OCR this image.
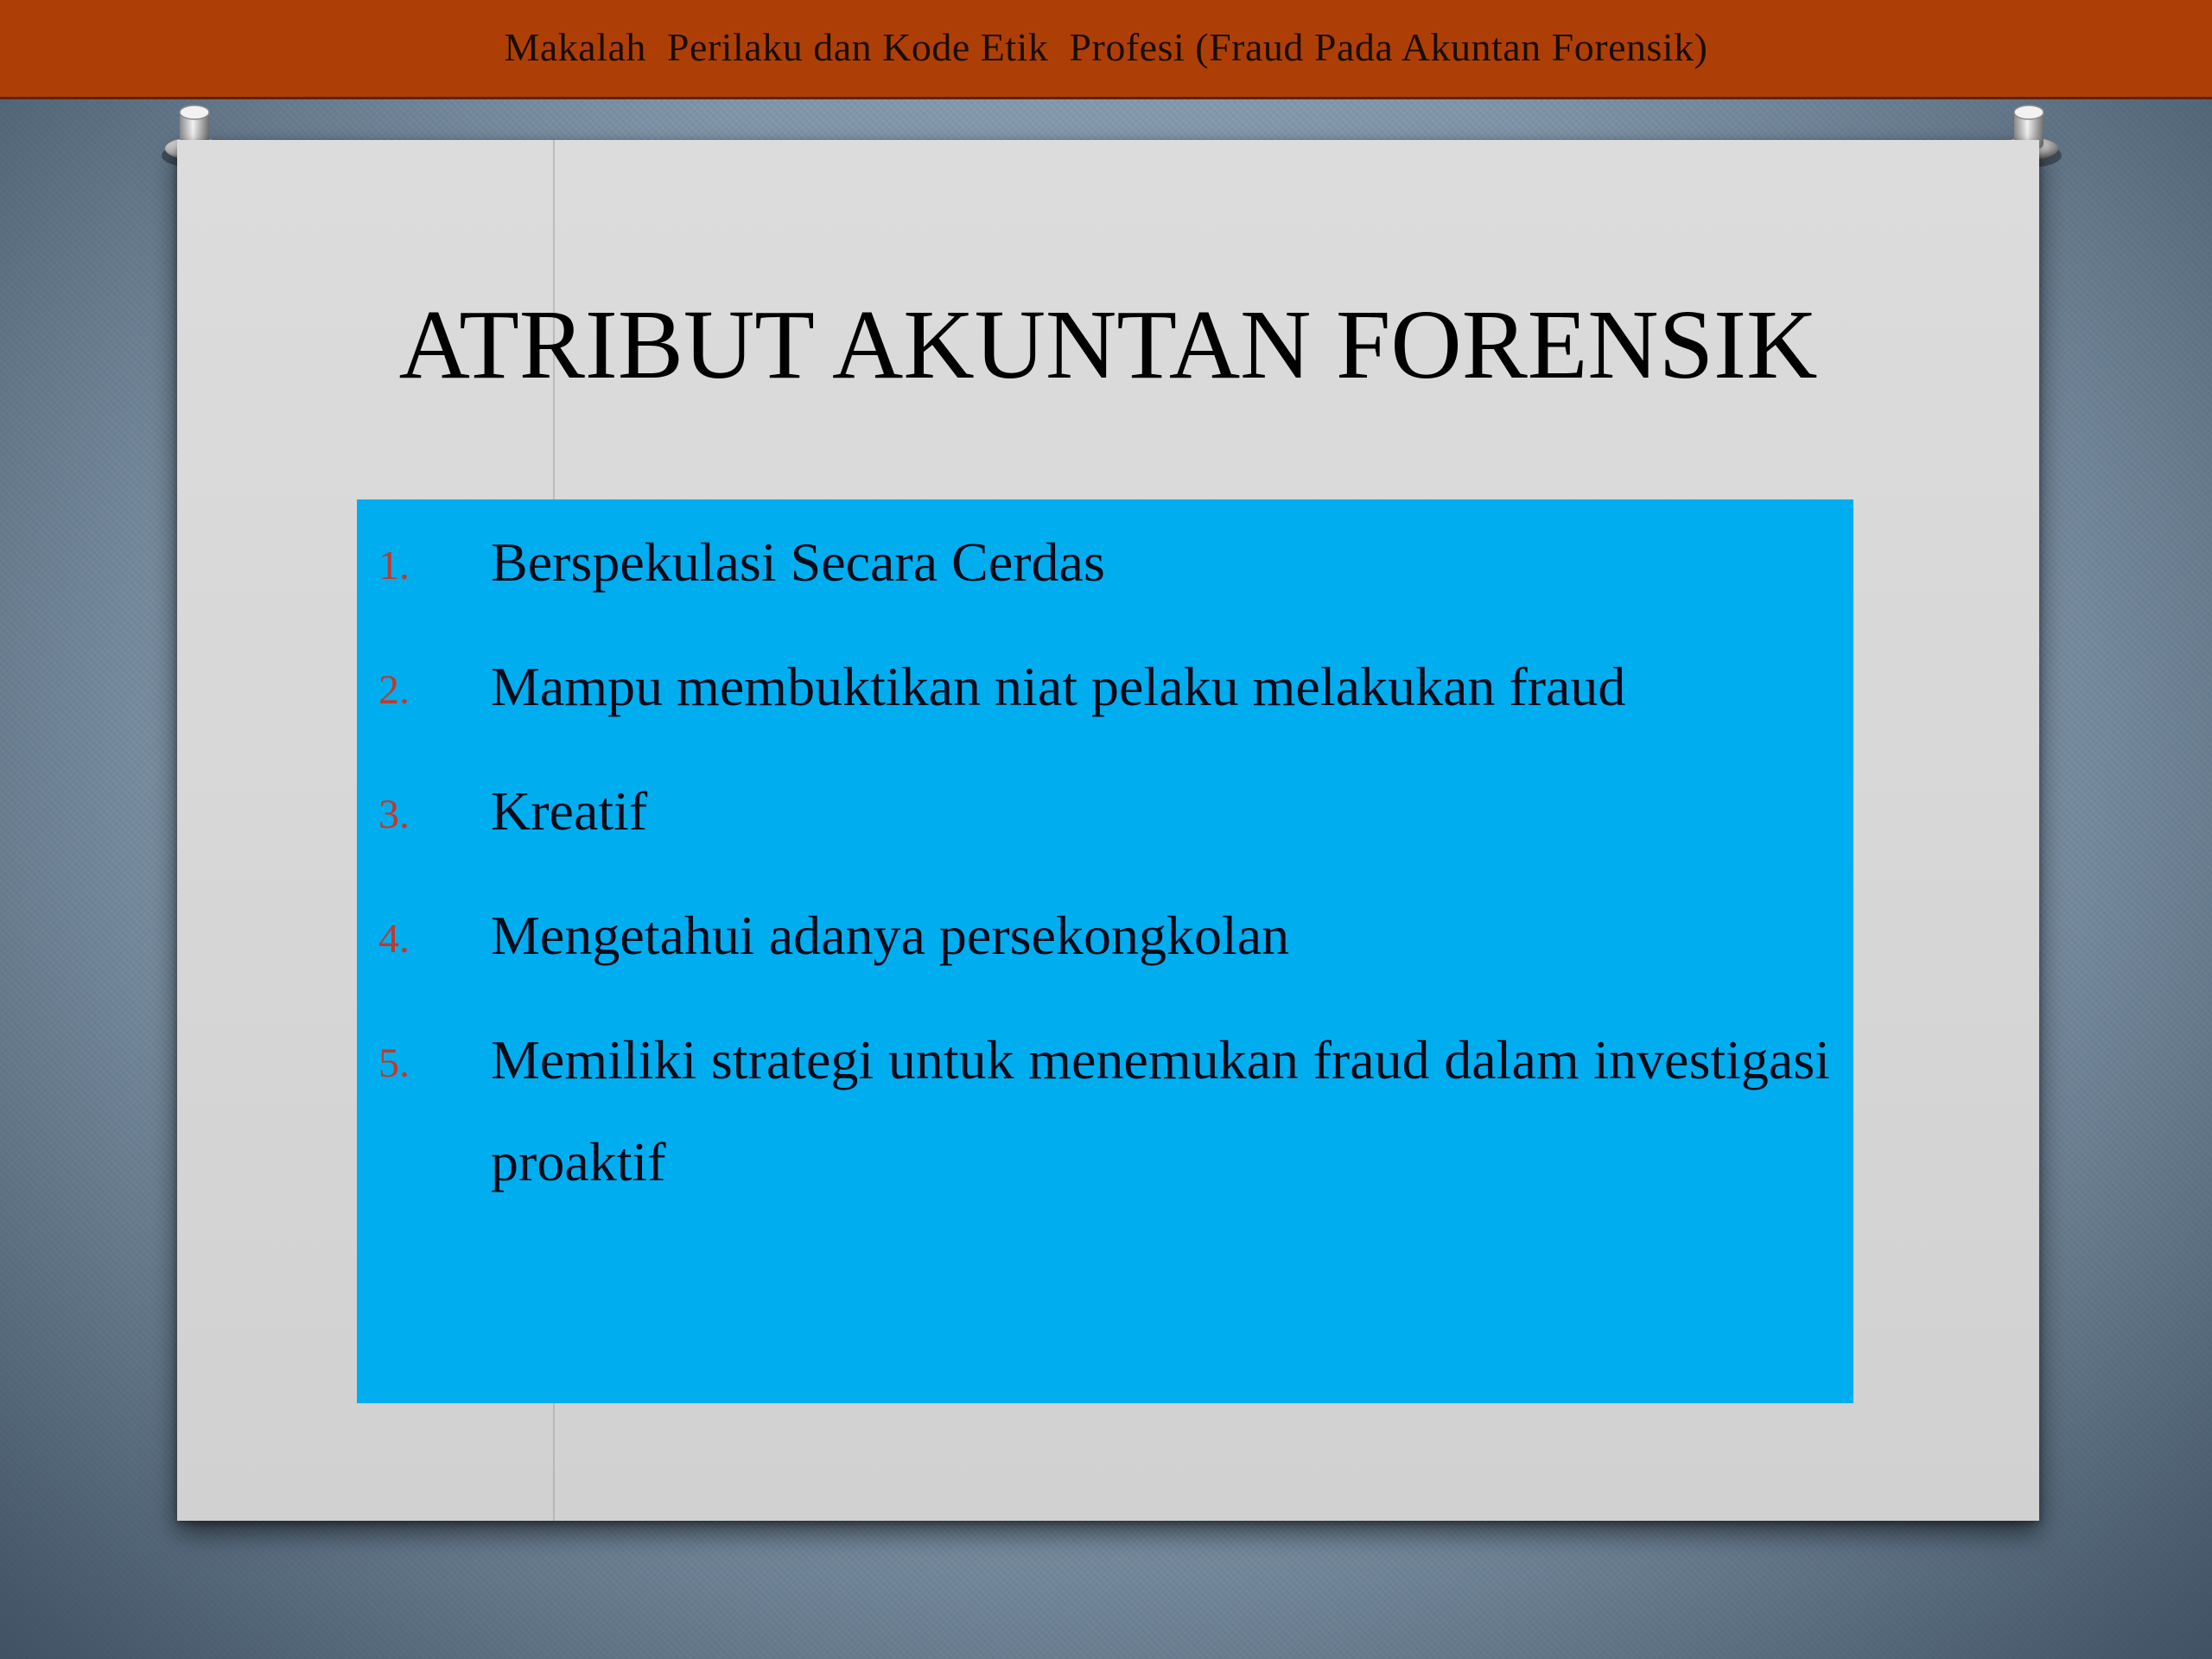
Makalah  Perilaku dan Kode Etik  Profesi (Fraud Pada Akuntan Forensik)
ATRIBUT AKUNTAN FORENSIK
1. Berspekulasi Secara Cerdas
2. Mampu membuktikan niat pelaku melakukan fraud
3. Kreatif
4. Mengetahui adanya persekongkolan
5. Memiliki strategi untuk menemukan fraud dalam investigasi proaktif
